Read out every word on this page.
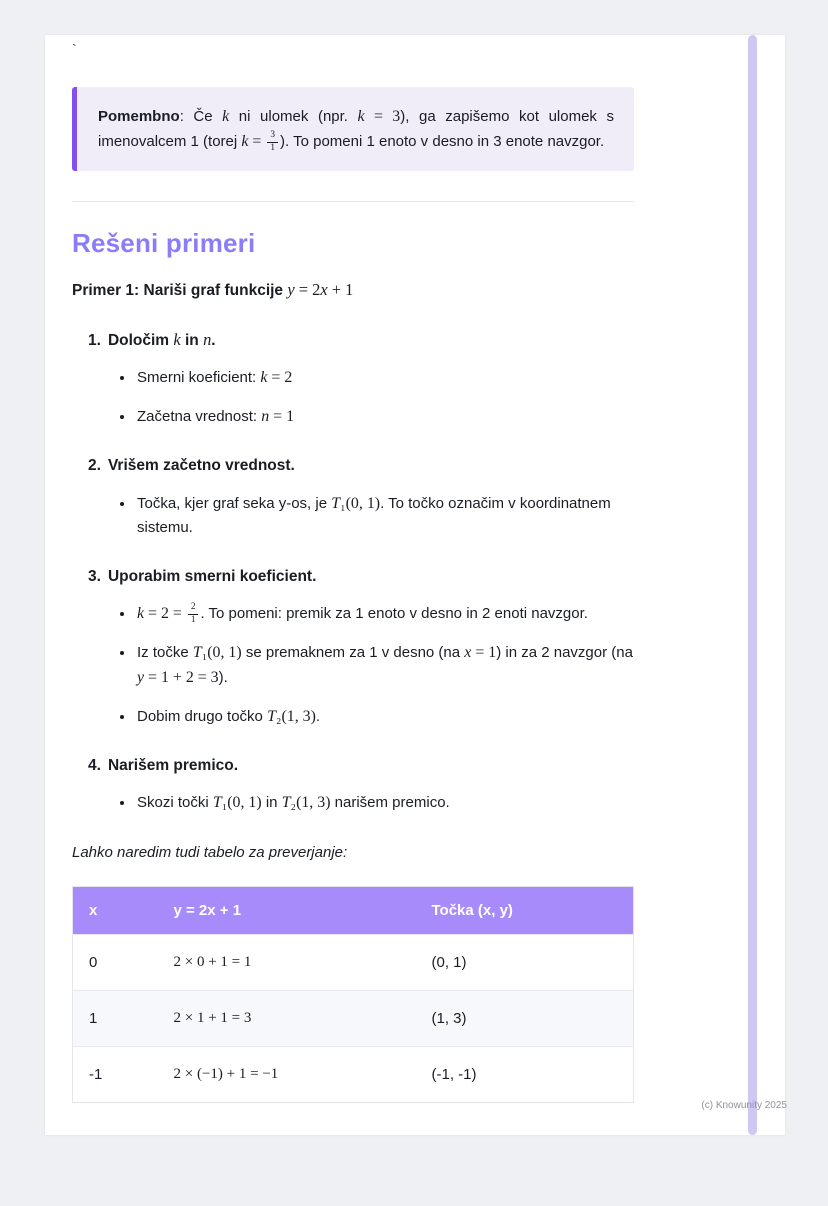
`

Pomembno: Če k ni ulomek (npr. k = 3), ga zapišemo kot ulomek s imenovalcem 1 (torej $k = \frac{3}{1}$ ). To pomeni 1 enoto v desno in 3 enote navzgor.

Rešeni primeri

Primer 1: Nariši graf funkcije y = 2x + 1

1. Določim k in n.
• Smerni koeficient: k = 2
• Začetna vrednost: n = 1
2. Vrišem začetno vrednost.
• Točka, kjer graf seka y-os, je T₁(0, 1). To točko označim v koordinatnem sistemu.
3. Uporabim smerni koeficient.
• $k = 2 = \frac{2}{1}$ . To pomeni: premik za 1 enoto v desno in 2 enoti navzgor.
• Iz točke T₁(0, 1) se premaknem za 1 v desno (na x = 1) in za 2 navzgor (na y = 1 + 2 = 3).
• Dobim drugo točko T₂(1, 3).
4. Narišem premico.
• Skozi točki T₁(0, 1) in T₂(1, 3) narišem premico.

Lahko naredim tudi tabelo za preverjanje:

x	y = 2x + 1	Točka (x, y)
0	2 × 0 + 1 = 1	(0, 1)
1	2 × 1 + 1 = 3	(1, 3)
-1	2 × (−1) + 1 = −1	(-1, -1)
(c) Knowunity 2025
